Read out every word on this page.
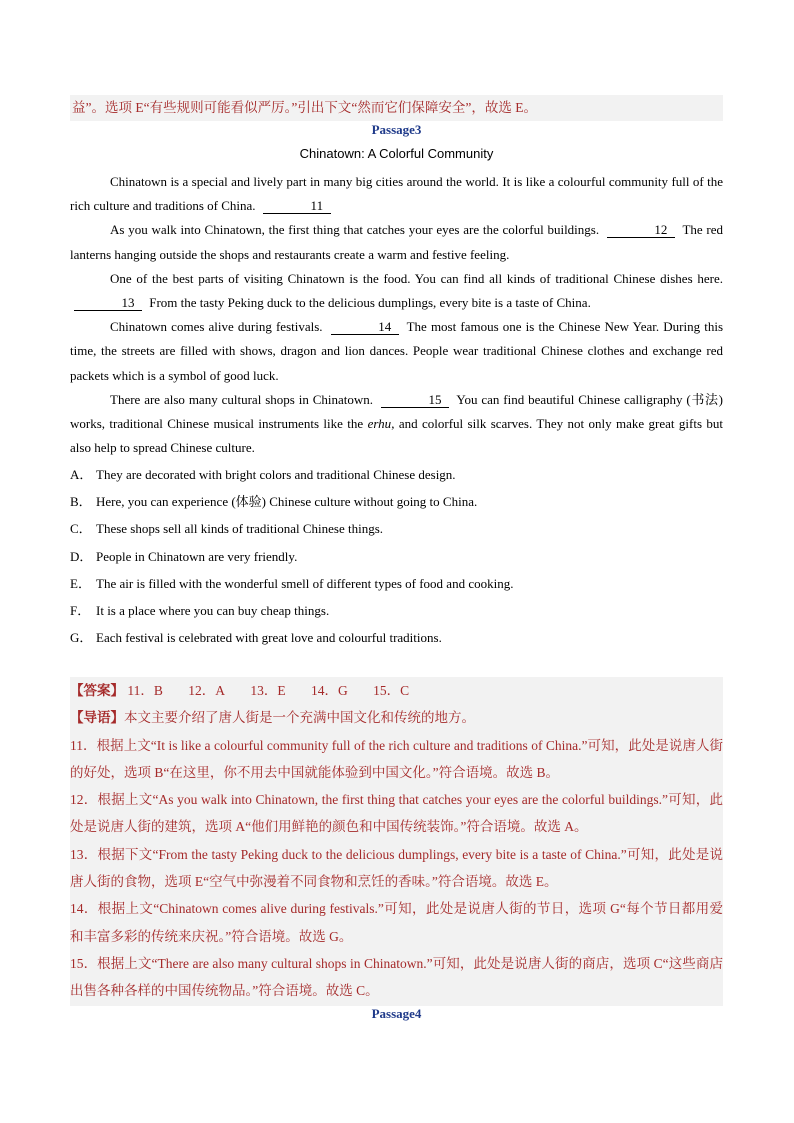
益”。选项 E“有些规则可能看似严厉。”引出下文“然而它们保障安全”，故选 E。
Passage3
Chinatown: A Colorful Community

Chinatown is a special and lively part in many big cities around the world. It is like a colourful community full of the rich culture and traditions of China.	11

As you walk into Chinatown, the first thing that catches your eyes are the colorful buildings.	12 The red lanterns hanging outside the shops and restaurants create a warm and festive feeling.

One of the best parts of visiting Chinatown is the food. You can find all kinds of traditional Chinese dishes here. 13 From the tasty Peking duck to the delicious dumplings, every bite is a taste of China.

Chinatown comes alive during festivals.	14 The most famous one is the Chinese New Year. During this time, the streets are filled with shows, dragon and lion dances. People wear traditional Chinese clothes and exchange red packets which is a symbol of good luck.

There are also many cultural shops in Chinatown.	15 You can find beautiful Chinese calligraphy (书法) works, traditional Chinese musical instruments like the erhu, and colorful silk scarves. They not only make great gifts but also help to spread Chinese culture.

A． They are decorated with bright colors and traditional Chinese design.
B． Here, you can experience (体验) Chinese culture without going to China.
C． These shops sell all kinds of traditional Chinese things.
D． People in Chinatown are very friendly.
E． The air is filled with the wonderful smell of different types of food and cooking.
F． It is a place where you can buy cheap things.
G． Each festival is celebrated with great love and colourful traditions.
【答案】 11．B 12．A 13．E 14．G 15．C
【导语】本文主要介绍了唐人街是一个充满中国文化和传统的地方。
11．根据上文“It is like a colourful community full of the rich culture and traditions of China.”可知，此处是说唐人街的好处，选项 B“在这里，你不用去中国就能体验到中国文化。”符合语境。故选 B。
12．根据上文“As you walk into Chinatown, the first thing that catches your eyes are the colorful buildings.”可知，此处是说唐人街的建筑，选项 A“他们用鲜艳的颜色和中国传统装饰。”符合语境。故选 A。
13．根据下文“From the tasty Peking duck to the delicious dumplings, every bite is a taste of China.”可知，此处是说唐人街的食物，选项 E“空气中弥漫着不同食物和烹饪的香味。”符合语境。故选 E。
14．根据上文“Chinatown comes alive during festivals.”可知，此处是说唐人街的节日，选项 G“每个节日都用爱和丰富多彩的传统来庆祝。”符合语境。故选 G。
15．根据上文“There are also many cultural shops in Chinatown.”可知，此处是说唐人街的商店，选项 C“这些商店出售各种各样的中国传统物品。”符合语境。故选 C。
Passage4
